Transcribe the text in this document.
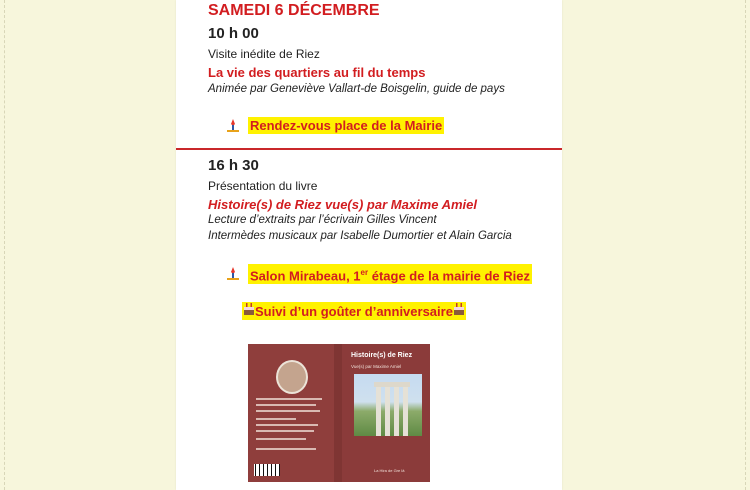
SAMEDI 6 DÉCEMBRE
10 h 00
Visite inédite de Riez
La vie des quartiers au fil du temps
Animée par Geneviève Vallart-de Boisgelin, guide de pays
Rendez-vous place de la Mairie
16 h 30
Présentation du livre
Histoire(s) de Riez vue(s) par Maxime Amiel
Lecture d’extraits par l’écrivain Gilles Vincent
Intermèdes musicaux par Isabelle Dumortier et Alain Garcia
Salon Mirabeau, 1er étage de la mairie de Riez
Suivi d’un goûter d’anniversaire
Histoire(s) de Riez
Vue(s) par Maxime Amiel
La Hira de Gre lâ
